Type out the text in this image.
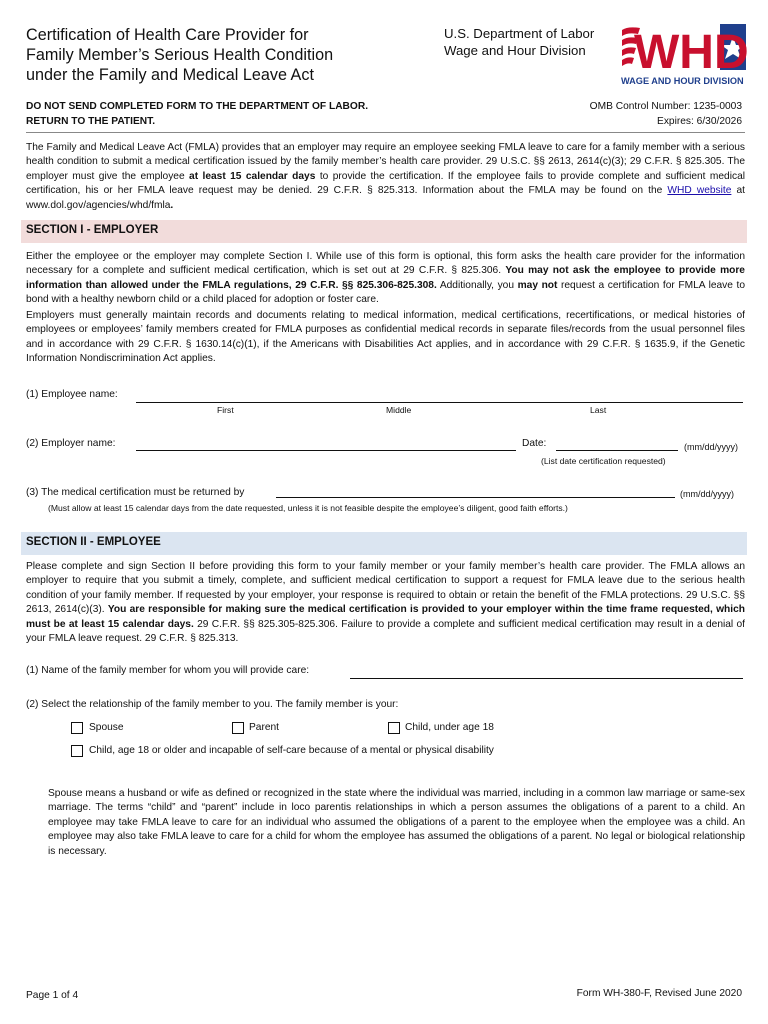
Certification of Health Care Provider for
Family Member’s Serious Health Condition
under the Family and Medical Leave Act
U.S. Department of Labor
Wage and Hour Division WHD
WAGE AND HOUR DIVISION
DO NOT SEND COMPLETED FORM TO THE DEPARTMENT OF LABOR.
RETURN TO THE PATIENT.
OMB Control Number: 1235-0003
Expires: 6/30/2026
The Family and Medical Leave Act (FMLA) provides that an employer may require an employee seeking FMLA leave to care for a family member with a serious health condition to submit a medical certification issued by the family member’s health care provider. 29 U.S.C. §§ 2613, 2614(c)(3); 29 C.F.R. § 825.305. The employer must give the employee at least 15 calendar days to provide the certification. If the employee fails to provide complete and sufficient medical certification, his or her FMLA leave request may be denied. 29 C.F.R. § 825.313. Information about the FMLA may be found on the WHD website at www.dol.gov/agencies/whd/fmla.
SECTION I - EMPLOYER
Either the employee or the employer may complete Section I. While use of this form is optional, this form asks the health care provider for the information necessary for a complete and sufficient medical certification, which is set out at 29 C.F.R. § 825.306. You may not ask the employee to provide more information than allowed under the FMLA regulations, 29 C.F.R. §§ 825.306-825.308. Additionally, you may not request a certification for FMLA leave to bond with a healthy newborn child or a child placed for adoption or foster care.
Employers must generally maintain records and documents relating to medical information, medical certifications, recertifications, or medical histories of employees or employees’ family members created for FMLA purposes as confidential medical records in separate files/records from the usual personnel files and in accordance with 29 C.F.R. § 1630.14(c)(1), if the Americans with Disabilities Act applies, and in accordance with 29 C.F.R. § 1635.9, if the Genetic Information Nondiscrimination Act applies.
(1) Employee name:
First	Middle	Last
(2) Employer name:	Date:	(mm/dd/yyyy)
(List date certification requested)
(3) The medical certification must be returned by	(mm/dd/yyyy)
(Must allow at least 15 calendar days from the date requested, unless it is not feasible despite the employee’s diligent, good faith efforts.)
SECTION II - EMPLOYEE
Please complete and sign Section II before providing this form to your family member or your family member’s health care provider. The FMLA allows an employer to require that you submit a timely, complete, and sufficient medical certification to support a request for FMLA leave due to the serious health condition of your family member. If requested by your employer, your response is required to obtain or retain the benefit of the FMLA protections. 29 U.S.C. §§ 2613, 2614(c)(3). You are responsible for making sure the medical certification is provided to your employer within the time frame requested, which must be at least 15 calendar days. 29 C.F.R. §§ 825.305-825.306. Failure to provide a complete and sufficient medical certification may result in a denial of your FMLA leave request. 29 C.F.R. § 825.313.
(1) Name of the family member for whom you will provide care:
(2) Select the relationship of the family member to you. The family member is your:
Spouse	Parent	Child, under age 18
Child, age 18 or older and incapable of self-care because of a mental or physical disability
Spouse means a husband or wife as defined or recognized in the state where the individual was married, including in a common law marriage or same-sex marriage. The terms “child” and “parent” include in loco parentis relationships in which a person assumes the obligations of a parent to a child. An employee may take FMLA leave to care for an individual who assumed the obligations of a parent to the employee when the employee was a child. An employee may also take FMLA leave to care for a child for whom the employee has assumed the obligations of a parent. No legal or biological relationship is necessary.
Page 1 of 4	Form WH-380-F, Revised June 2020
